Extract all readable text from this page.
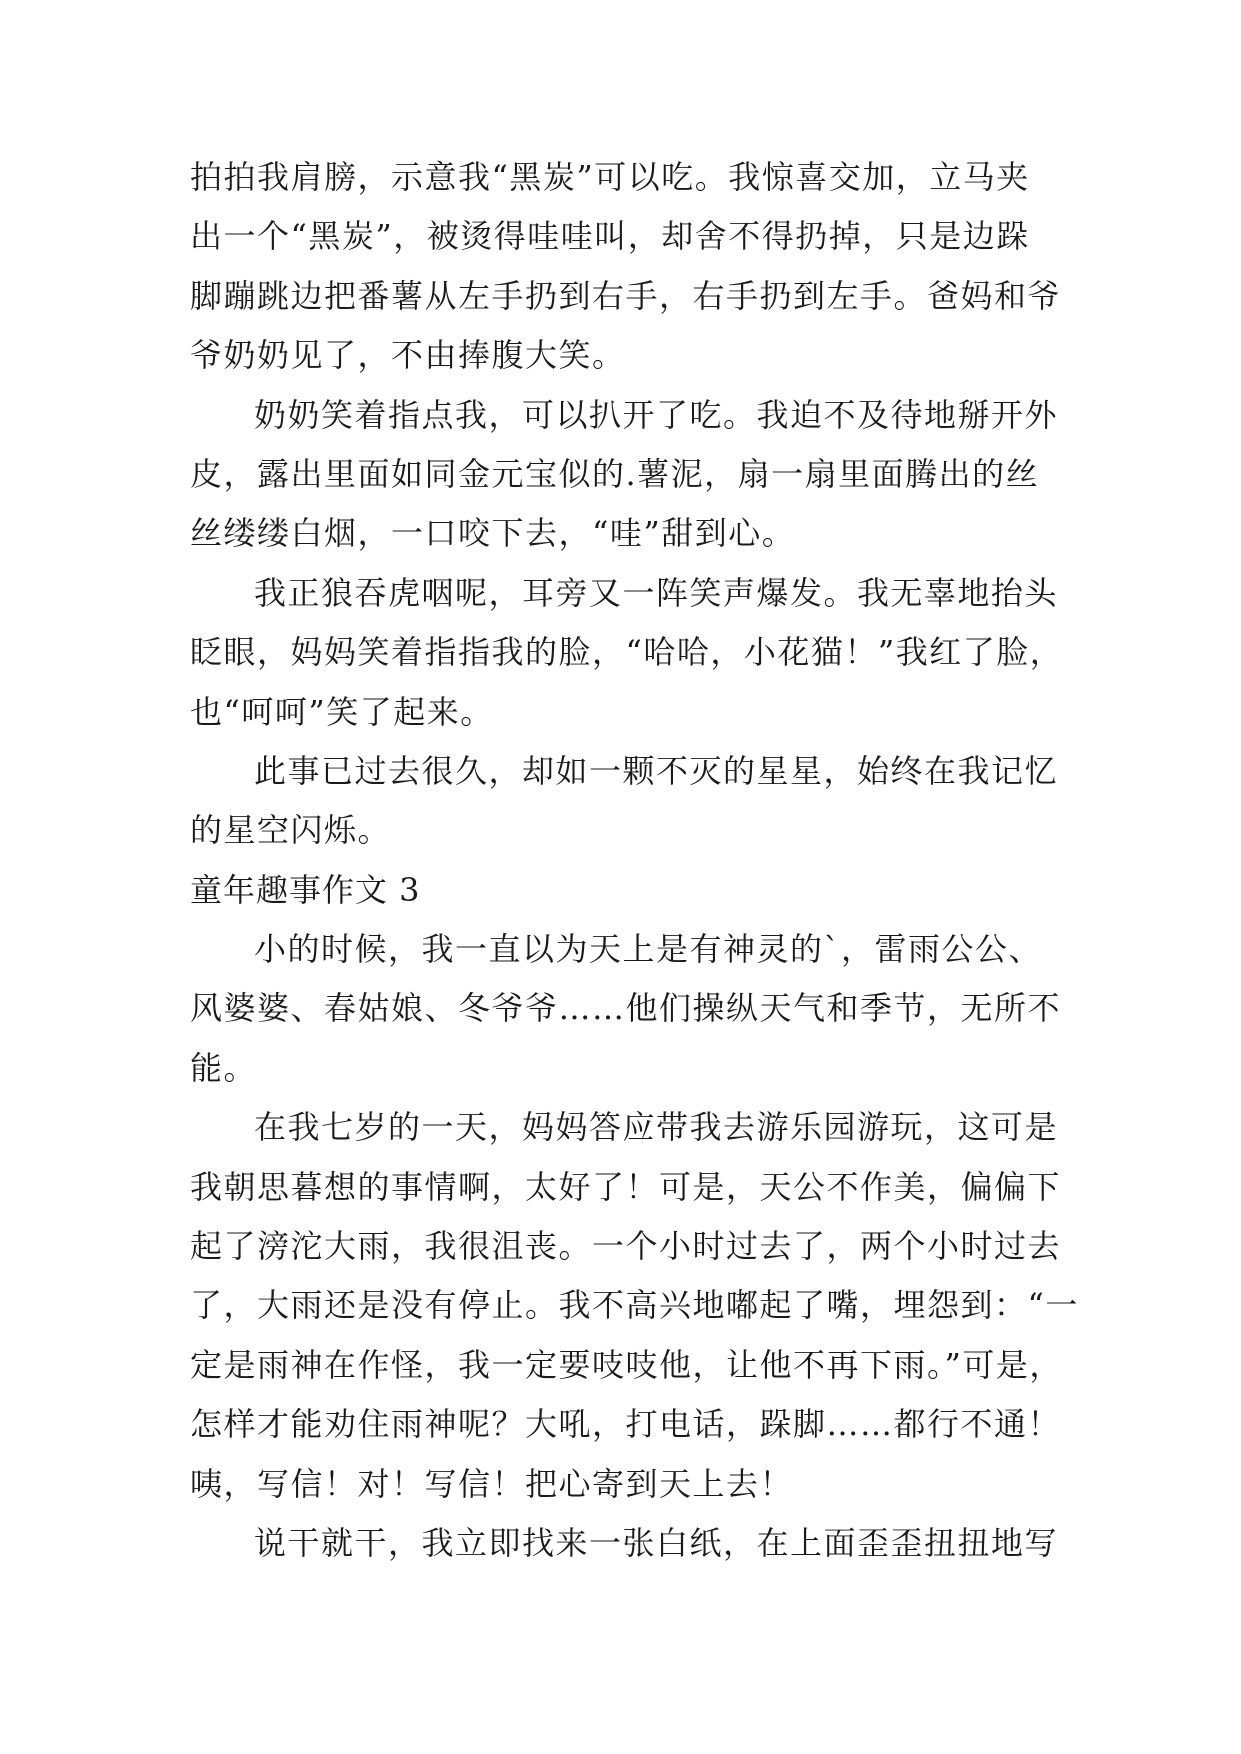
拍拍我肩膀，示意我“黑炭”可以吃。我惊喜交加，立马夹
出一个“黑炭”，被烫得哇哇叫，却舍不得扔掉，只是边跺
脚蹦跳边把番薯从左手扔到右手，右手扔到左手。爸妈和爷
爷奶奶见了，不由捧腹大笑。
奶奶笑着指点我，可以扒开了吃。我迫不及待地掰开外
皮，露出里面如同金元宝似的.薯泥，扇一扇里面腾出的丝
丝缕缕白烟，一口咬下去，“哇”甜到心。
我正狼吞虎咽呢，耳旁又一阵笑声爆发。我无辜地抬头
眨眼，妈妈笑着指指我的脸，“哈哈，小花猫！”我红了脸，
也“呵呵”笑了起来。
此事已过去很久，却如一颗不灭的星星，始终在我记忆
的星空闪烁。
童年趣事作文 3
小的时候，我一直以为天上是有神灵的`，雷雨公公、
风婆婆、春姑娘、冬爷爷……他们操纵天气和季节，无所不
能。
在我七岁的一天，妈妈答应带我去游乐园游玩，这可是
我朝思暮想的事情啊，太好了！可是，天公不作美，偏偏下
起了滂沱大雨，我很沮丧。一个小时过去了，两个小时过去
了，大雨还是没有停止。我不高兴地嘟起了嘴，埋怨到：“一
定是雨神在作怪，我一定要吱吱他，让他不再下雨。”可是，
怎样才能劝住雨神呢？大吼，打电话，跺脚……都行不通！
咦，写信！对！写信！把心寄到天上去！
说干就干，我立即找来一张白纸，在上面歪歪扭扭地写
